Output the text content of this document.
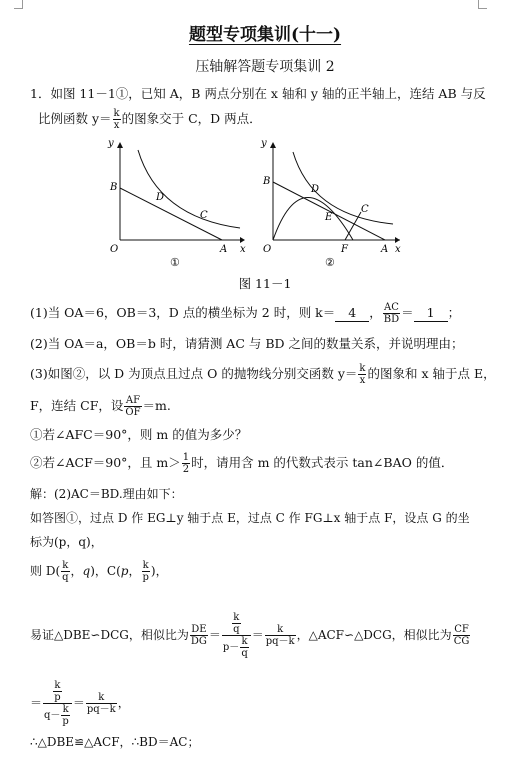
题型专项集训(十一)
压轴解答题专项集训 2
1．如图 11－1①，已知 A，B 两点分别在 x 轴和 y 轴的正半轴上，连结 AB 与反
比例函数 $y= \frac{k}{x}$ 的图象交于 C，D 两点．
y
x
O	A
B
D
C
①
y
x
O	A
B
D
E
F
C
②
图 11－1
(1)当 OA＝6，OB＝3，D 点的横坐标为 2 时，则 k＝ 4 ， $\frac{AC}{BD} = 1$ ；
(2)当 OA＝a，OB＝b 时，请猜测 AC 与 BD 之间的数量关系，并说明理由；
(3)如图②，以 D 为顶点且过点 O 的抛物线分别交函数 $y= \frac{k}{x}$ 的图象和 x 轴于点 E，
F，连结 CF，设 $\frac{AF}{OF} =m$.
①若∠AFC＝90°，则 m 的值为多少？
②若∠ACF＝90°，且 $m> \frac{1}{2}$ 时，请用含 m 的代数式表示 tan∠BAO 的值．
解：(2)AC＝BD.理由如下：
如答图①，过点 D 作 EG⊥y 轴于点 E，过点 C 作 FG⊥x 轴于点 F，设点 G 的坐
标为(p，q)，
则 $D( \frac{k}{q}$ ，q)，C(p， $\frac{k}{p}$ )，
易证△DBE∽DCG，相似比为 $\frac{DE}{DG} = \frac{\frac{k}{q}}{p- \frac{k}{q}} = \frac{k}{pq-k}$ ，△ACF∽△DCG，相似比为 $\frac{CF}{CG}$
＝ $\frac{\frac{k}{p}}{q- \frac{k}{p}} = \frac{k}{pq-k}$ ，
∴△DBE≌△ACF，∴BD＝AC；
